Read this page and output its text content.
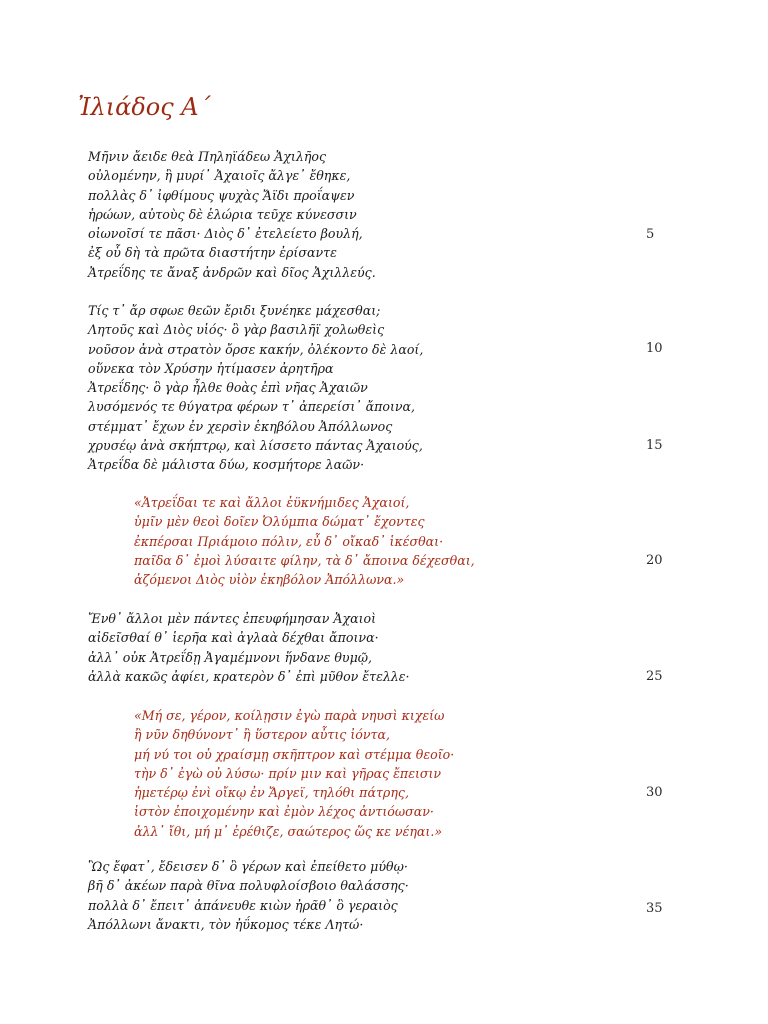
Ἰλιάδος Α΄
Μῆνιν ἄειδε θεὰ Πηληϊάδεω Ἀχιλῆος
οὐλομένην, ἣ μυρί᾽ Ἀχαιοῖς ἄλγε᾽ ἔθηκε,
πολλὰς δ᾽ ἰφθίμους ψυχὰς Ἄϊδι προΐαψεν
ἡρώων, αὐτοὺς δὲ ἑλώρια τεῦχε κύνεσσιν
οἰωνοῖσί τε πᾶσι· Διὸς δ᾽ ἐτελείετο βουλή,
ἐξ οὗ δὴ τὰ πρῶτα διαστήτην ἐρίσαντε
Ἀτρεΐδης τε ἄναξ ἀνδρῶν καὶ δῖος Ἀχιλλεύς.
Τίς τ᾽ ἄρ σφωε θεῶν ἔριδι ξυνέηκε μάχεσθαι;
Λητοῦς καὶ Διὸς υἱός· ὃ γὰρ βασιλῆϊ χολωθεὶς
νοῦσον ἀνὰ στρατὸν ὄρσε κακήν, ὀλέκοντο δὲ λαοί,
οὕνεκα τὸν Χρύσην ἠτίμασεν ἀρητῆρα
Ἀτρεΐδης· ὃ γὰρ ἦλθε θοὰς ἐπὶ νῆας Ἀχαιῶν
λυσόμενός τε θύγατρα φέρων τ᾽ ἀπερείσι᾽ ἄποινα,
στέμματ᾽ ἔχων ἐν χερσὶν ἑκηβόλου Ἀπόλλωνος
χρυσέῳ ἀνὰ σκήπτρῳ, καὶ λίσσετο πάντας Ἀχαιούς,
Ἀτρεΐδα δὲ μάλιστα δύω, κοσμήτορε λαῶν·
«Ἀτρεΐδαι τε καὶ ἄλλοι ἐϋκνήμιδες Ἀχαιοί,
ὑμῖν μὲν θεοὶ δοῖεν Ὀλύμπια δώματ᾽ ἔχοντες
ἐκπέρσαι Πριάμοιο πόλιν, εὖ δ᾽ οἴκαδ᾽ ἱκέσθαι·
παῖδα δ᾽ ἐμοὶ λύσαιτε φίλην, τὰ δ᾽ ἄποινα δέχεσθαι,
ἁζόμενοι Διὸς υἱὸν ἑκηβόλον Ἀπόλλωνα.»
Ἔνθ᾽ ἄλλοι μὲν πάντες ἐπευφήμησαν Ἀχαιοὶ
αἰδεῖσθαί θ᾽ ἱερῆα καὶ ἀγλαὰ δέχθαι ἄποινα·
ἀλλ᾽ οὐκ Ἀτρεΐδῃ Ἀγαμέμνονι ἥνδανε θυμῷ,
ἀλλὰ κακῶς ἀφίει, κρατερὸν δ᾽ ἐπὶ μῦθον ἔτελλε·
«Μή σε, γέρον, κοίλῃσιν ἐγὼ παρὰ νηυσὶ κιχείω
ἢ νῦν δηθύνοντ᾽ ἢ ὕστερον αὖτις ἰόντα,
μή νύ τοι οὐ χραίσμῃ σκῆπτρον καὶ στέμμα θεοῖο·
τὴν δ᾽ ἐγὼ οὐ λύσω· πρίν μιν καὶ γῆρας ἔπεισιν
ἡμετέρῳ ἐνὶ οἴκῳ ἐν Ἄργεϊ, τηλόθι πάτρης,
ἱστὸν ἐποιχομένην καὶ ἐμὸν λέχος ἀντιόωσαν·
ἀλλ᾽ ἴθι, μή μ᾽ ἐρέθιζε, σαώτερος ὥς κε νέηαι.»
Ὣς ἔφατ᾽, ἔδεισεν δ᾽ ὃ γέρων καὶ ἐπείθετο μύθῳ·
βῆ δ᾽ ἀκέων παρὰ θῖνα πολυφλοίσβοιο θαλάσσης·
πολλὰ δ᾽ ἔπειτ᾽ ἀπάνευθε κιὼν ἠρᾶθ᾽ ὃ γεραιὸς
Ἀπόλλωνι ἄνακτι, τὸν ἠΰκομος τέκε Λητώ·
5
10
15
20
25
30
35
